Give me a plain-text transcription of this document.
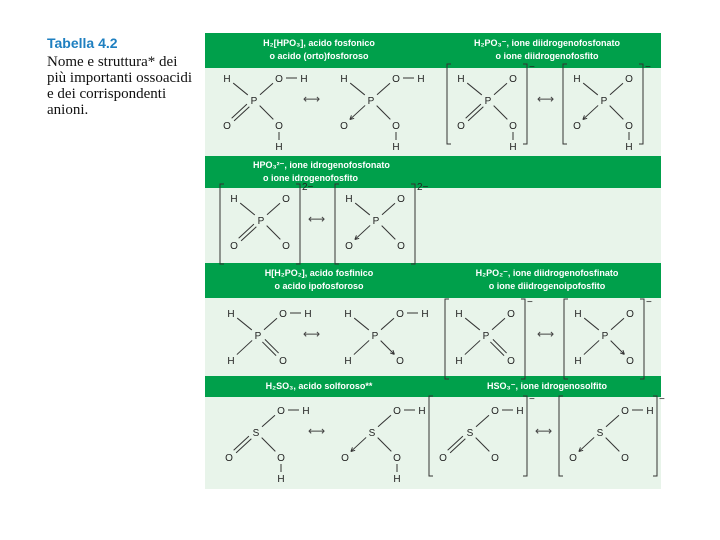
Tabella 4.2
Nome e struttura* dei più importanti ossoacidi e dei corrispondenti anioni.
H₂[HPO₃], acido fosfonico
o acido (orto)fosforoso
H₂PO₃⁻, ione diidrogenofosfonato
o ione diidrogenofosfito
HPO₃²⁻, ione idrogenofosfonato
o ione idrogenofosfito
H[H₂PO₂], acido fosfinico
o acido ipofosforoso
H₂PO₂⁻, ione diidrogenofosfinato
o ione diidrogenoipofosfito
H₂SO₃, acido solforoso**	HSO₃⁻, ione idrogenosolfito
P
H	O
O	O
H
H
P
H	O
O	O
H
H
P
H	O
O	O
H
−
P
H	O
O	O
H
−
P
H	O
O	O
2−
P
H	O
O	O
2−
P
H	O
H	O
H
P
H	O
H	O
H
P
H	O
H	O
−
P
H	O
H	O
−
S
O
O	O
H
H
S
O
O	O
H
H
S
O
O	O
H
−
S
O
O	O
H
−
⟷	⟷
⟷
⟷	⟷
⟷	⟷
